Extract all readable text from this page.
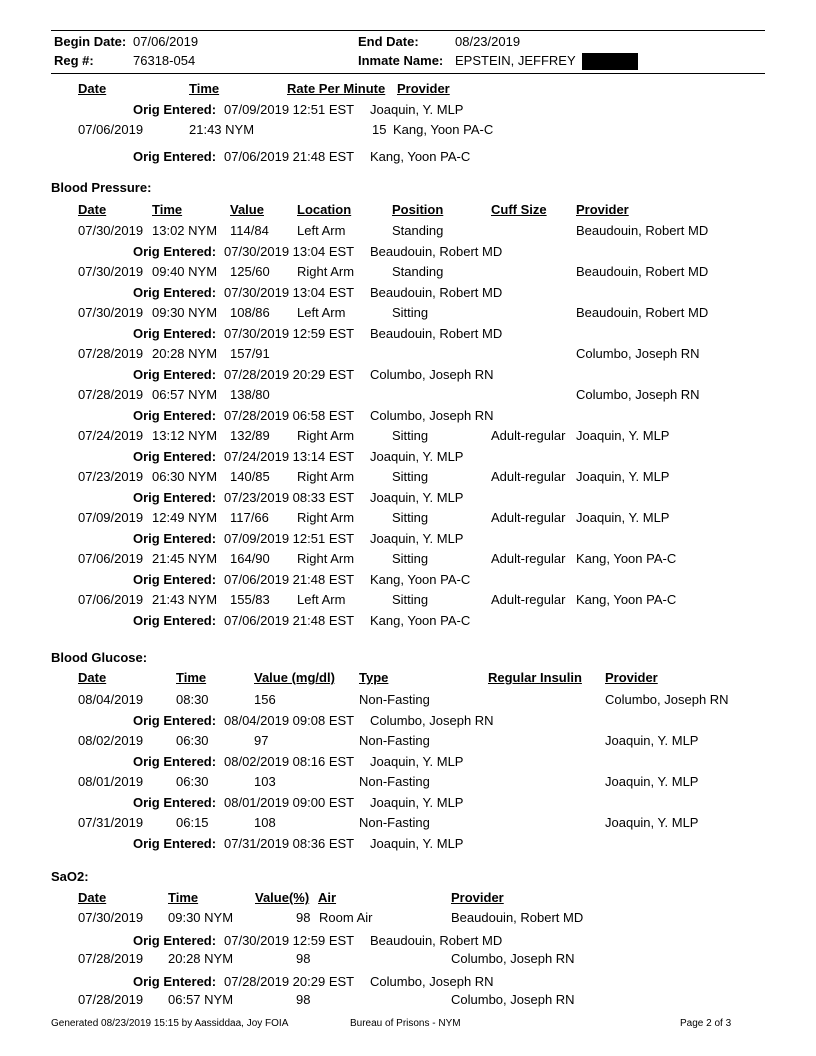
Begin Date: 07/06/2019	End Date:	08/23/2019
Reg #:	76318-054	Inmate Name: EPSTEIN, JEFFREY
Date	Time	Rate Per Minute Provider
Orig Entered: 07/09/2019 12:51 EST Joaquin, Y. MLP
07/06/2019	21:43 NYM	15 Kang, Yoon PA-C
Orig Entered: 07/06/2019 21:48 EST Kang, Yoon PA-C
Blood Pressure:
Date	Time	Value	Location	Position	Cuff Size Provider
07/30/2019 13:02 NYM 114/84 Left Arm	Standing	Beaudouin, Robert MD
Orig Entered: 07/30/2019 13:04 EST Beaudouin, Robert MD
07/30/2019 09:40 NYM 125/60 Right Arm	Standing	Beaudouin, Robert MD
Orig Entered: 07/30/2019 13:04 EST Beaudouin, Robert MD
07/30/2019 09:30 NYM 108/86 Left Arm	Sitting	Beaudouin, Robert MD
Orig Entered: 07/30/2019 12:59 EST Beaudouin, Robert MD
07/28/2019 20:28 NYM 157/91	Columbo, Joseph RN
Orig Entered: 07/28/2019 20:29 EST Columbo, Joseph RN
07/28/2019 06:57 NYM 138/80	Columbo, Joseph RN
Orig Entered: 07/28/2019 06:58 EST Columbo, Joseph RN
07/24/2019 13:12 NYM 132/89 Right Arm	Sitting	Adult-regular Joaquin, Y. MLP
Orig Entered: 07/24/2019 13:14 EST Joaquin, Y. MLP
07/23/2019 06:30 NYM 140/85 Right Arm	Sitting	Adult-regular Joaquin, Y. MLP
Orig Entered: 07/23/2019 08:33 EST Joaquin, Y. MLP
07/09/2019 12:49 NYM 117/66 Right Arm	Sitting	Adult-regular Joaquin, Y. MLP
Orig Entered: 07/09/2019 12:51 EST Joaquin, Y. MLP
07/06/2019 21:45 NYM 164/90 Right Arm	Sitting	Adult-regular Kang, Yoon PA-C
Orig Entered: 07/06/2019 21:48 EST Kang, Yoon PA-C
07/06/2019 21:43 NYM 155/83 Left Arm	Sitting	Adult-regular Kang, Yoon PA-C
Orig Entered: 07/06/2019 21:48 EST Kang, Yoon PA-C
Blood Glucose:
Date	Time	Value (mg/dl) Type	Regular Insulin Provider
08/04/2019	08:30	156	Non-Fasting	Columbo, Joseph RN
Orig Entered: 08/04/2019 09:08 EST Columbo, Joseph RN
08/02/2019	06:30	97	Non-Fasting	Joaquin, Y. MLP
Orig Entered: 08/02/2019 08:16 EST Joaquin, Y. MLP
08/01/2019	06:30	103	Non-Fasting	Joaquin, Y. MLP
Orig Entered: 08/01/2019 09:00 EST Joaquin, Y. MLP
07/31/2019	06:15	108	Non-Fasting	Joaquin, Y. MLP
Orig Entered: 07/31/2019 08:36 EST Joaquin, Y. MLP
SaO2:
Date	Time	Value(%) Air	Provider
07/30/2019 09:30 NYM	98 Room Air	Beaudouin, Robert MD
Orig Entered: 07/30/2019 12:59 EST Beaudouin, Robert MD
07/28/2019 20:28 NYM	98	Columbo, Joseph RN
Orig Entered: 07/28/2019 20:29 EST Columbo, Joseph RN
07/28/2019 06:57 NYM	98	Columbo, Joseph RN
Generated 08/23/2019 15:15 by Aassiddaa, Joy FOIA	Bureau of Prisons - NYM	Page 2 of 3
